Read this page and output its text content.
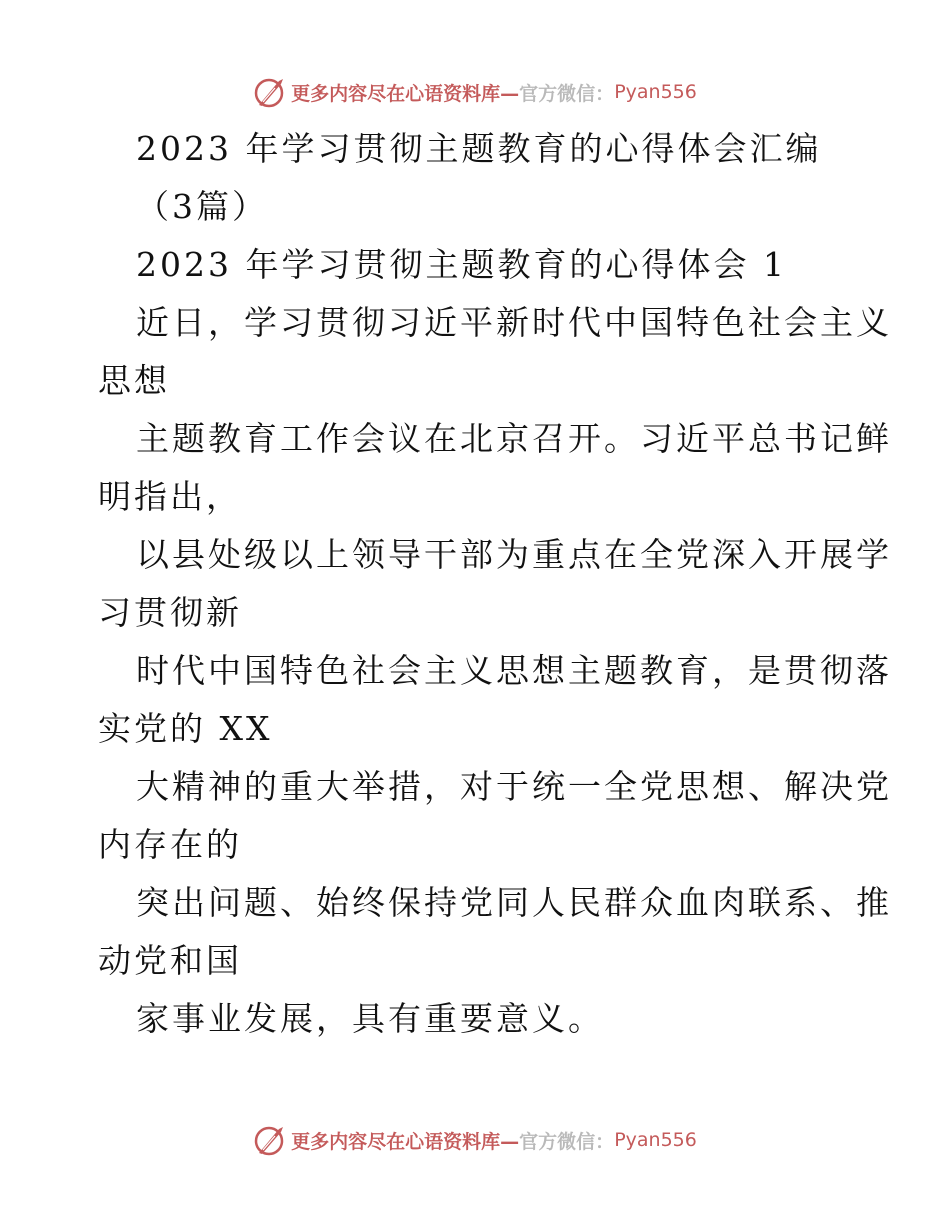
更多内容尽在心语资料库— 官方微信： Pyan556
2023 年学习贯彻主题教育的心得体会汇编
（3篇）
2023 年学习贯彻主题教育的心得体会 1
近日，学习贯彻习近平新时代中国特色社会主义
思想
主题教育工作会议在北京召开。习近平总书记鲜
明指出，
以县处级以上领导干部为重点在全党深入开展学
习贯彻新
时代中国特色社会主义思想主题教育，是贯彻落
实党的 XX
大精神的重大举措，对于统一全党思想、解决党
内存在的
突出问题、始终保持党同人民群众血肉联系、推
动党和国
家事业发展，具有重要意义。
更多内容尽在心语资料库— 官方微信： Pyan556
